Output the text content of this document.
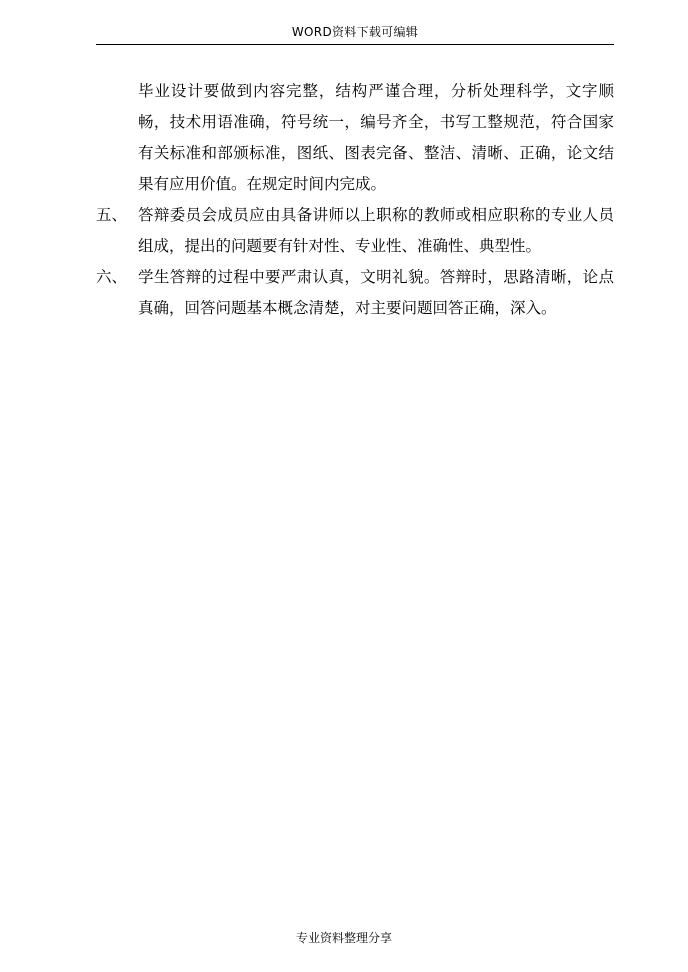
WORD资料下载可编辑

毕业设计要做到内容完整，结构严谨合理，分析处理科学，文字顺畅，技术用语准确，符号统一，编号齐全，书写工整规范，符合国家有关标准和部颁标准，图纸、图表完备、整洁、清晰、正确，论文结果有应用价值。在规定时间内完成。

五、 答辩委员会成员应由具备讲师以上职称的教师或相应职称的专业人员组成，提出的问题要有针对性、专业性、准确性、典型性。

六、 学生答辩的过程中要严肃认真，文明礼貌。答辩时，思路清晰，论点真确，回答问题基本概念清楚，对主要问题回答正确，深入。

专业资料整理分享
